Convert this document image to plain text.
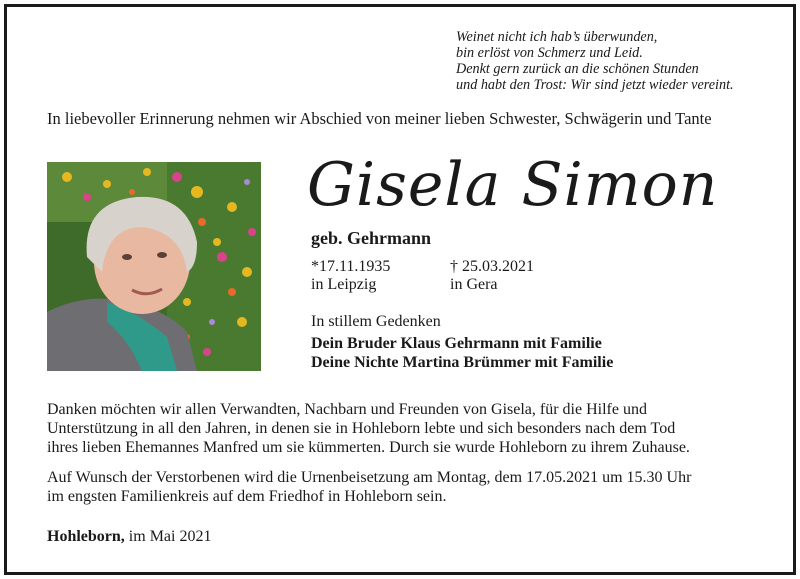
Weinet nicht ich hab’s überwunden,
bin erlöst von Schmerz und Leid.
Denkt gern zurück an die schönen Stunden
und habt den Trost: Wir sind jetzt wieder vereint.
In liebevoller Erinnerung nehmen wir Abschied von meiner lieben Schwester, Schwägerin und Tante
Gisela Simon
geb. Gehrmann
*17.11.1935
in Leipzig
† 25.03.2021
in Gera
In stillem Gedenken
Dein Bruder Klaus Gehrmann mit Familie
Deine Nichte Martina Brümmer mit Familie
Danken möchten wir allen Verwandten, Nachbarn und Freunden von Gisela, für die Hilfe und
Unterstützung in all den Jahren, in denen sie in Hohleborn lebte und sich besonders nach dem Tod
ihres lieben Ehemannes Manfred um sie kümmerten. Durch sie wurde Hohleborn zu ihrem Zuhause.
Auf Wunsch der Verstorbenen wird die Urnenbeisetzung am Montag, dem 17.05.2021 um 15.30 Uhr
im engsten Familienkreis auf dem Friedhof in Hohleborn sein.
Hohleborn, im Mai 2021
